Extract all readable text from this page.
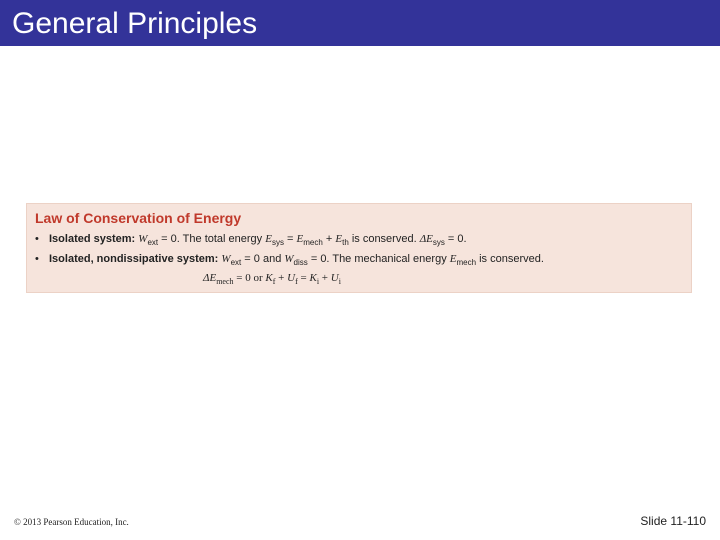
General Principles
Law of Conservation of Energy
• Isolated system: $W_{ext} = 0$. The total energy $E_{sys} = E_{mech} + E_{th}$ is conserved. $\Delta E_{sys} = 0$.
• Isolated, nondissipative system: $W_{ext} = 0$ and $W_{diss} = 0$. The mechanical energy $E_{mech}$ is conserved.
$\Delta E_{mech} = 0$ or $K_f + U_f = K_i + U_i$
© 2013 Pearson Education, Inc.	Slide 11-110
